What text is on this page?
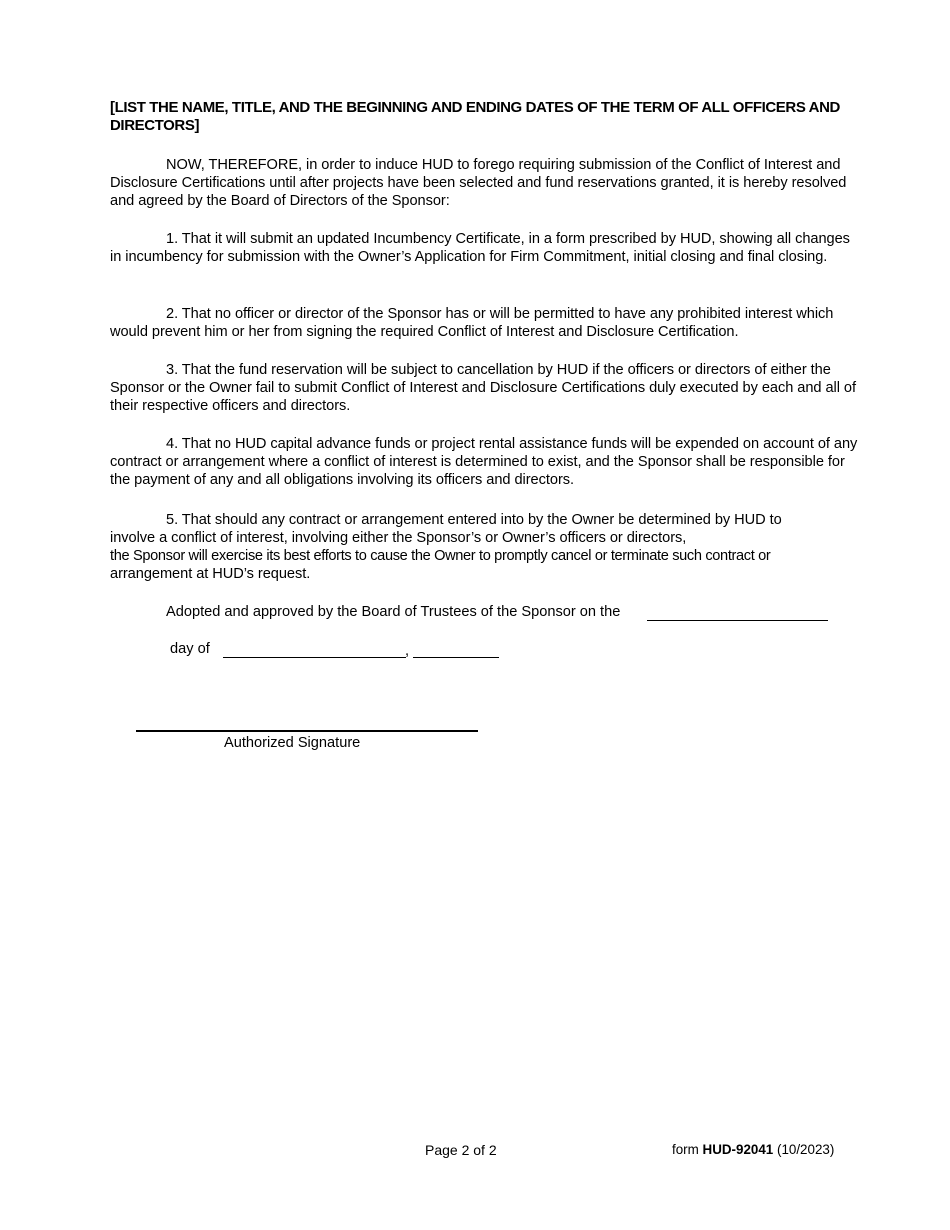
[LIST THE NAME, TITLE, AND THE BEGINNING AND ENDING DATES OF THE TERM OF ALL OFFICERS AND DIRECTORS]
NOW, THEREFORE, in order to induce HUD to forego requiring submission of the Conflict of Interest and Disclosure Certifications until after projects have been selected and fund reservations granted, it is hereby resolved and agreed by the Board of Directors of the Sponsor:
1. That it will submit an updated Incumbency Certificate, in a form prescribed by HUD, showing all changes in incumbency for submission with the Owner’s Application for Firm Commitment, initial closing and final closing.
2. That no officer or director of the Sponsor has or will be permitted to have any prohibited interest which would prevent him or her from signing the required Conflict of Interest and Disclosure Certification.
3. That the fund reservation will be subject to cancellation by HUD if the officers or directors of either the Sponsor or the Owner fail to submit Conflict of Interest and Disclosure Certifications duly executed by each and all of their respective officers and directors.
4. That no HUD capital advance funds or project rental assistance funds will be expended on account of any contract or arrangement where a conflict of interest is determined to exist, and the Sponsor shall be responsible for the payment of any and all obligations involving its officers and directors.
5. That should any contract or arrangement entered into by the Owner be determined by HUD to
involve a conflict of interest, involving either the Sponsor’s or Owner’s officers or directors,
the Sponsor will exercise its best efforts to cause the Owner to promptly cancel or terminate such contract or
arrangement at HUD’s request.
Adopted and approved by the Board of Trustees of the Sponsor on the
day of	,
Authorized Signature
Page 2 of 2	form HUD-92041 (10/2023)
